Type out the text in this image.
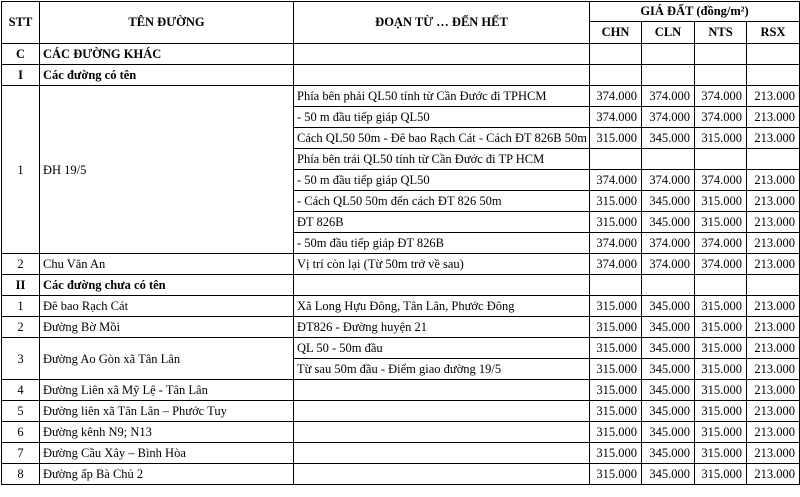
STT	TÊN ĐƯỜNG	ĐOẠN TỪ … ĐẾN HẾT	GIÁ ĐẤT (đồng/m²)			
			CHN	CLN	NTS	RSX
C	CÁC ĐƯỜNG KHÁC					
I	Các đường có tên					
1	ĐH 19/5	Phía bên phải QL50 tính từ Cần Đước đi TPHCM	374.000	374.000	374.000	213.000
		- 50 m đầu tiếp giáp QL50	374.000	374.000	374.000	213.000
		Cách QL50 50m - Đê bao Rạch Cát - Cách ĐT 826B 50m	315.000	345.000	315.000	213.000
		Phía bên trái QL50 tính từ Cần Đước đi TP HCM				
		- 50 m đầu tiếp giáp QL50	374.000	374.000	374.000	213.000
		- Cách QL50 50m đến cách ĐT 826 50m	315.000	345.000	315.000	213.000
		ĐT 826B	315.000	345.000	315.000	213.000
		- 50m đầu tiếp giáp ĐT 826B	374.000	374.000	374.000	213.000
2	Chu Văn An	Vị trí còn lại (Từ 50m trở về sau)	374.000	374.000	374.000	213.000
II	Các đường chưa có tên					
1	Đê bao Rạch Cát	Xã Long Hựu Đông, Tân Lân, Phước Đông	315.000	345.000	315.000	213.000
2	Đường Bờ Mồi	ĐT826 - Đường huyện 21	315.000	345.000	315.000	213.000
3	Đường Ao Gòn xã Tân Lân	QL 50 - 50m đầu	315.000	345.000	315.000	213.000
		Từ sau 50m đầu - Điểm giao đường 19/5	315.000	345.000	315.000	213.000
4	Đường Liên xã Mỹ Lệ - Tân Lân		315.000	345.000	315.000	213.000
5	Đường liên xã Tân Lân – Phước Tuy		315.000	345.000	315.000	213.000
6	Đường kênh N9; N13		315.000	345.000	315.000	213.000
7	Đường Cầu Xây – Bình Hòa		315.000	345.000	315.000	213.000
8	Đường ấp Bà Chủ 2		315.000	345.000	315.000	213.000
